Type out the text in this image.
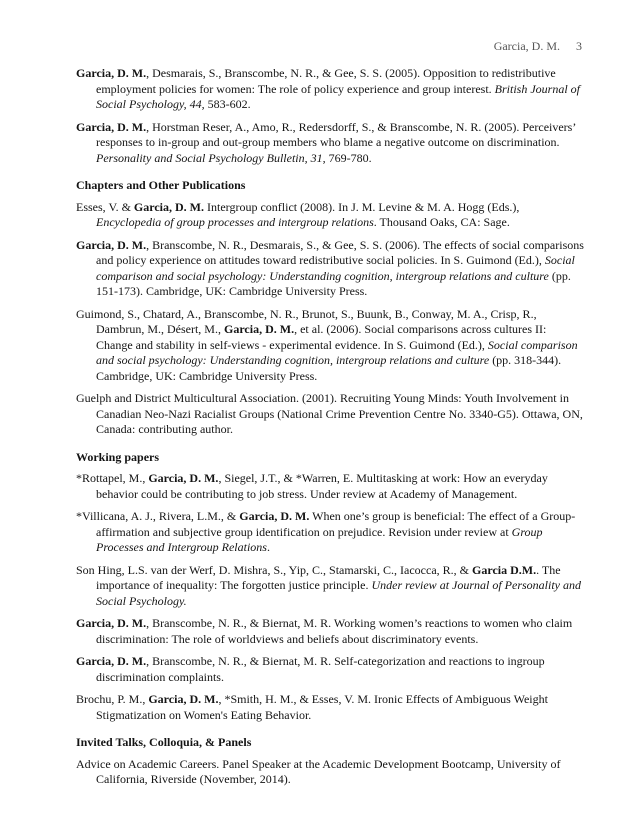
Garcia, D. M. 3

Garcia, D. M., Desmarais, S., Branscombe, N. R., & Gee, S. S. (2005). Opposition to redistributive employment policies for women: The role of policy experience and group interest. British Journal of Social Psychology, 44, 583-602.

Garcia, D. M., Horstman Reser, A., Amo, R., Redersdorff, S., & Branscombe, N. R. (2005). Perceivers’ responses to in-group and out-group members who blame a negative outcome on discrimination. Personality and Social Psychology Bulletin, 31, 769-780.

Chapters and Other Publications

Esses, V. & Garcia, D. M. Intergroup conflict (2008). In J. M. Levine & M. A. Hogg (Eds.), Encyclopedia of group processes and intergroup relations. Thousand Oaks, CA: Sage.

Garcia, D. M., Branscombe, N. R., Desmarais, S., & Gee, S. S. (2006). The effects of social comparisons and policy experience on attitudes toward redistributive social policies. In S. Guimond (Ed.), Social comparison and social psychology: Understanding cognition, intergroup relations and culture (pp. 151-173). Cambridge, UK: Cambridge University Press.

Guimond, S., Chatard, A., Branscombe, N. R., Brunot, S., Buunk, B., Conway, M. A., Crisp, R., Dambrun, M., Désert, M., Garcia, D. M., et al. (2006). Social comparisons across cultures II: Change and stability in self-views - experimental evidence. In S. Guimond (Ed.), Social comparison and social psychology: Understanding cognition, intergroup relations and culture (pp. 318-344). Cambridge, UK: Cambridge University Press.

Guelph and District Multicultural Association. (2001). Recruiting Young Minds: Youth Involvement in Canadian Neo-Nazi Racialist Groups (National Crime Prevention Centre No. 3340-G5). Ottawa, ON, Canada: contributing author.

Working papers

*Rottapel, M., Garcia, D. M., Siegel, J.T., & *Warren, E. Multitasking at work: How an everyday behavior could be contributing to job stress. Under review at Academy of Management.

*Villicana, A. J., Rivera, L.M., & Garcia, D. M. When one’s group is beneficial: The effect of a Group-affirmation and subjective group identification on prejudice. Revision under review at Group Processes and Intergroup Relations.

Son Hing, L.S. van der Werf, D. Mishra, S., Yip, C., Stamarski, C., Iacocca, R., & Garcia D.M.. The importance of inequality: The forgotten justice principle. Under review at Journal of Personality and Social Psychology.

Garcia, D. M., Branscombe, N. R., & Biernat, M. R. Working women’s reactions to women who claim discrimination: The role of worldviews and beliefs about discriminatory events.

Garcia, D. M., Branscombe, N. R., & Biernat, M. R. Self-categorization and reactions to ingroup discrimination complaints.

Brochu, P. M., Garcia, D. M., *Smith, H. M., & Esses, V. M. Ironic Effects of Ambiguous Weight Stigmatization on Women's Eating Behavior.

Invited Talks, Colloquia, & Panels

Advice on Academic Careers. Panel Speaker at the Academic Development Bootcamp, University of California, Riverside (November, 2014).
